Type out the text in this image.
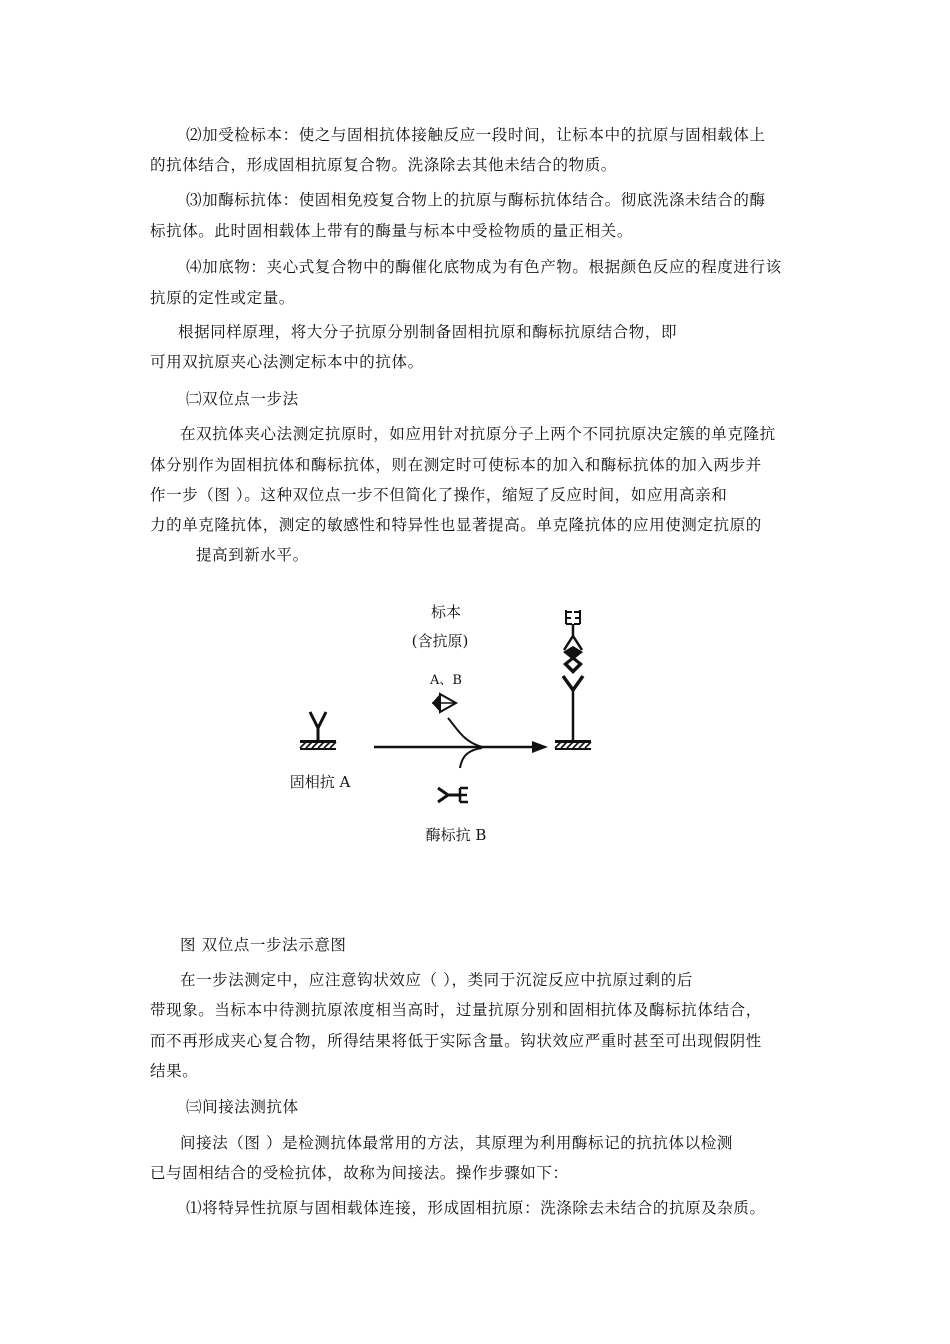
⑵加受检标本：使之与固相抗体接触反应一段时间，让标本中的抗原与固相载体上
的抗体结合，形成固相抗原复合物。洗涤除去其他未结合的物质。
⑶加酶标抗体：使固相免疫复合物上的抗原与酶标抗体结合。彻底洗涤未结合的酶
标抗体。此时固相载体上带有的酶量与标本中受检物质的量正相关。
⑷加底物：夹心式复合物中的酶催化底物成为有色产物。根据颜色反应的程度进行该
抗原的定性或定量。
根据同样原理，将大分子抗原分别制备固相抗原和酶标抗原结合物，即
可用双抗原夹心法测定标本中的抗体。
㈡双位点一步法
在双抗体夹心法测定抗原时，如应用针对抗原分子上两个不同抗原决定簇的单克隆抗
体分别作为固相抗体和酶标抗体，则在测定时可使标本的加入和酶标抗体的加入两步并
作一步（图 ）。这种双位点一步不但简化了操作，缩短了反应时间，如应用高亲和
力的单克隆抗体，测定的敏感性和特异性也显著提高。单克隆抗体的应用使测定抗原的
提高到新水平。
图 双位点一步法示意图
在一步法测定中，应注意钩状效应（ ），类同于沉淀反应中抗原过剩的后
带现象。当标本中待测抗原浓度相当高时，过量抗原分别和固相抗体及酶标抗体结合，
而不再形成夹心复合物，所得结果将低于实际含量。钩状效应严重时甚至可出现假阴性
结果。
㈢间接法测抗体
间接法（图 ）是检测抗体最常用的方法，其原理为利用酶标记的抗抗体以检测
已与固相结合的受检抗体，故称为间接法。操作步骤如下：
⑴将特异性抗原与固相载体连接，形成固相抗原：洗涤除去未结合的抗原及杂质。
标本
(含抗原)
A、B
固相抗 A
酶标抗 B
